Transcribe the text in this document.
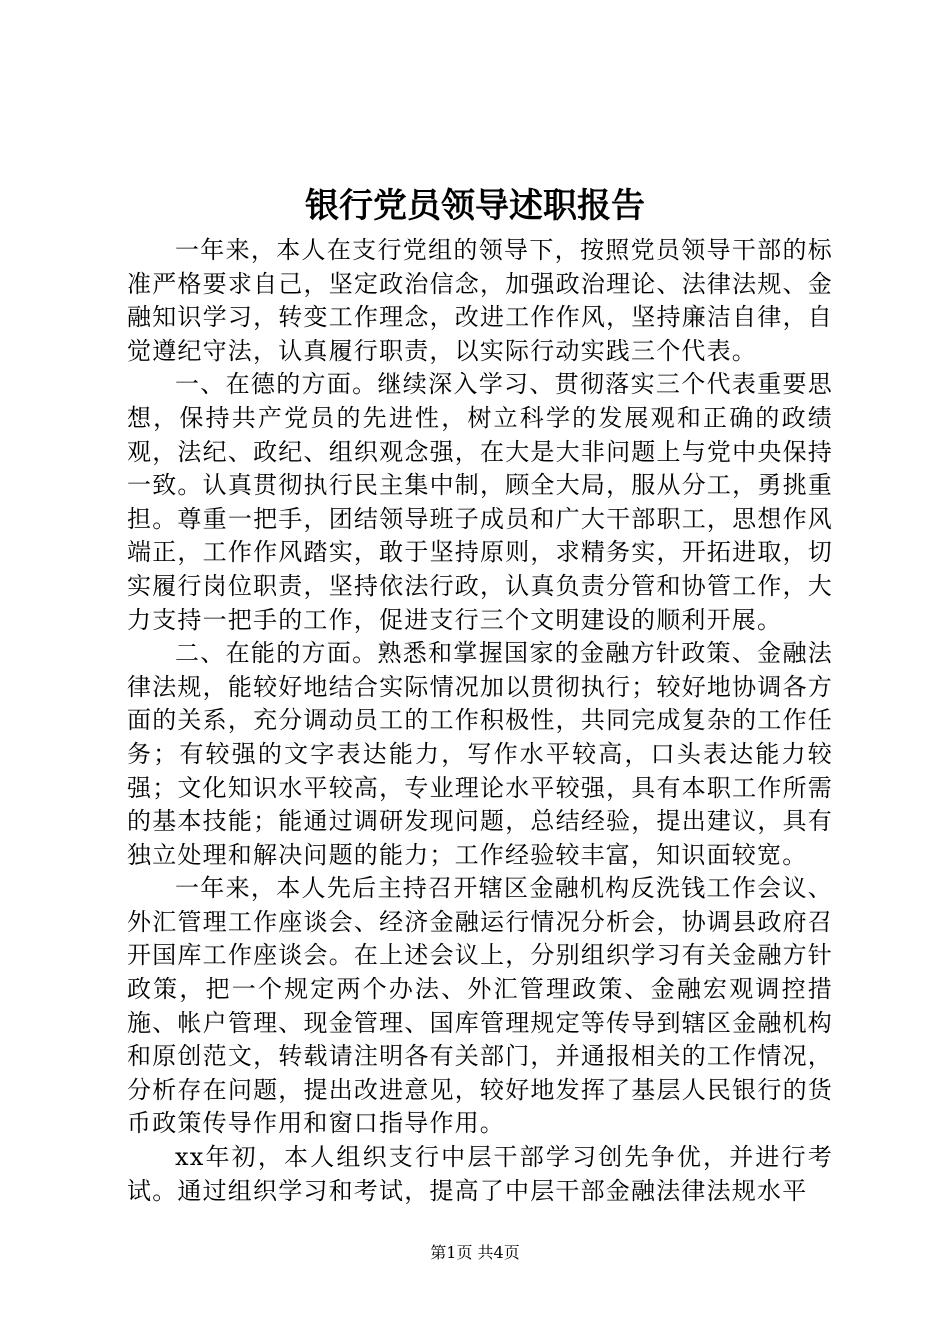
银行党员领导述职报告

一年来，本人在支行党组的领导下，按照党员领导干部的标准严格要求自己，坚定政治信念，加强政治理论、法律法规、金融知识学习，转变工作理念，改进工作作风，坚持廉洁自律，自觉遵纪守法，认真履行职责，以实际行动实践三个代表。

一、在德的方面。继续深入学习、贯彻落实三个代表重要思想，保持共产党员的先进性，树立科学的发展观和正确的政绩观，法纪、政纪、组织观念强，在大是大非问题上与党中央保持一致。认真贯彻执行民主集中制，顾全大局，服从分工，勇挑重担。尊重一把手，团结领导班子成员和广大干部职工，思想作风端正，工作作风踏实，敢于坚持原则，求精务实，开拓进取，切实履行岗位职责，坚持依法行政，认真负责分管和协管工作，大力支持一把手的工作，促进支行三个文明建设的顺利开展。

二、在能的方面。熟悉和掌握国家的金融方针政策、金融法律法规，能较好地结合实际情况加以贯彻执行；较好地协调各方面的关系，充分调动员工的工作积极性，共同完成复杂的工作任务；有较强的文字表达能力，写作水平较高，口头表达能力较强；文化知识水平较高，专业理论水平较强，具有本职工作所需的基本技能；能通过调研发现问题，总结经验，提出建议，具有独立处理和解决问题的能力；工作经验较丰富，知识面较宽。

一年来，本人先后主持召开辖区金融机构反洗钱工作会议、外汇管理工作座谈会、经济金融运行情况分析会，协调县政府召开国库工作座谈会。在上述会议上，分别组织学习有关金融方针政策，把一个规定两个办法、外汇管理政策、金融宏观调控措施、帐户管理、现金管理、国库管理规定等传导到辖区金融机构和原创范文，转载请注明各有关部门，并通报相关的工作情况，分析存在问题，提出改进意见，较好地发挥了基层人民银行的货币政策传导作用和窗口指导作用。

xx年初，本人组织支行中层干部学习创先争优，并进行考试。通过组织学习和考试，提高了中层干部金融法律法规水平

第1页 共4页
